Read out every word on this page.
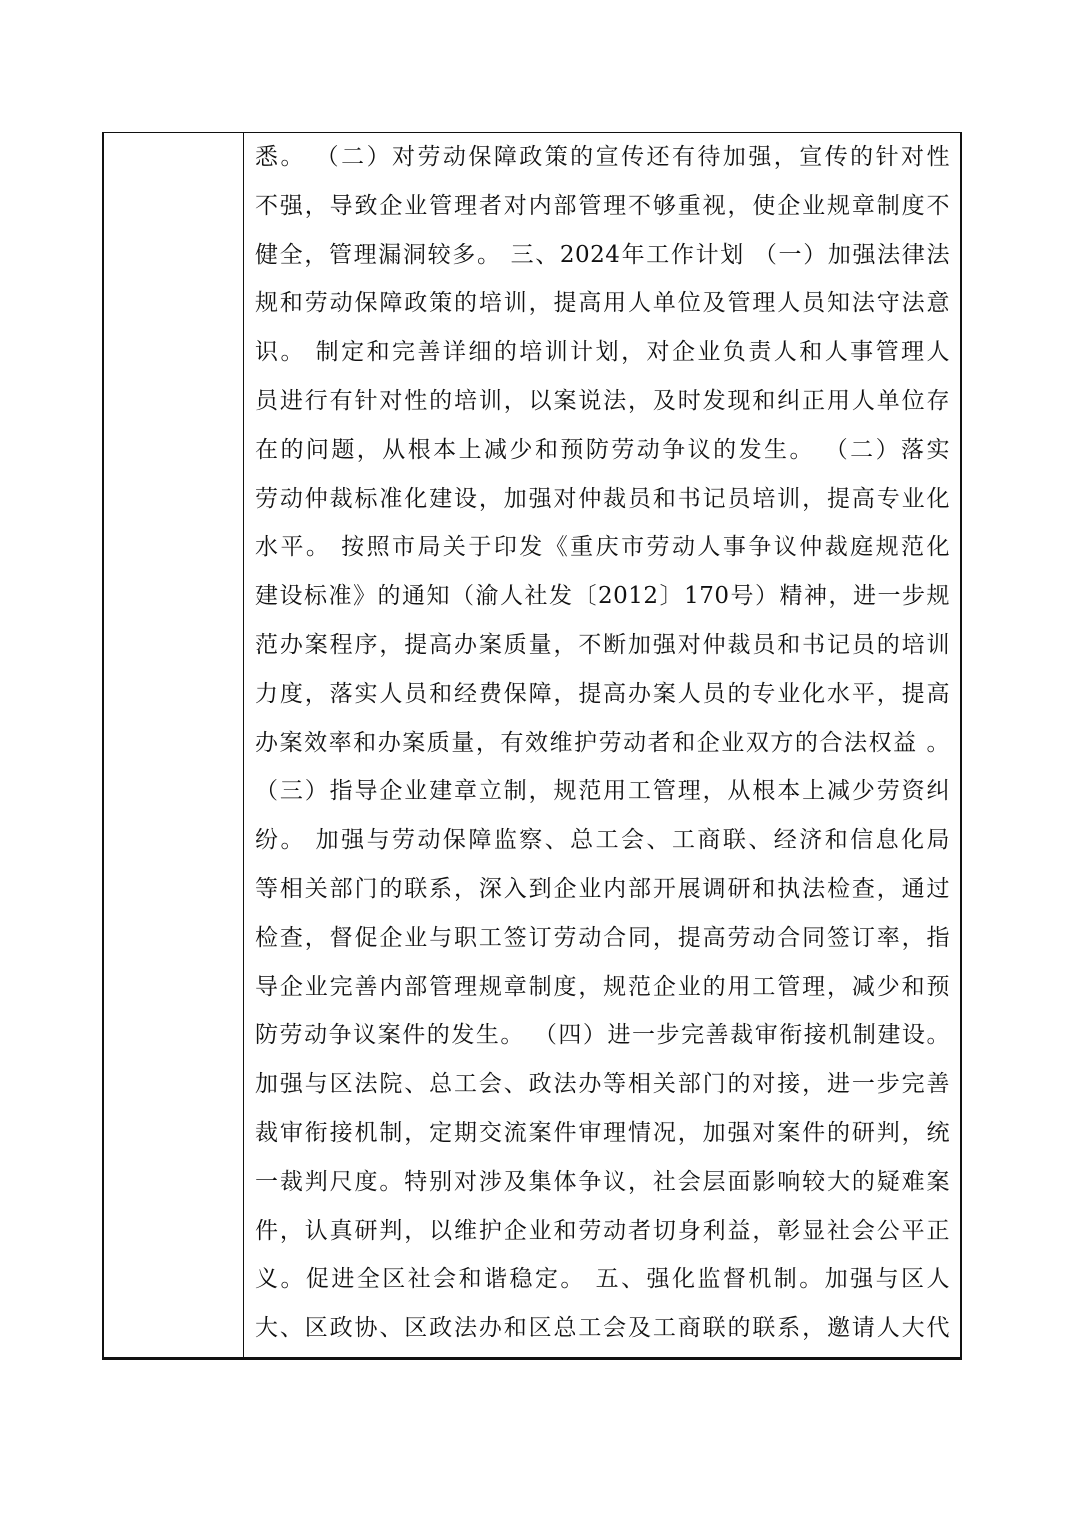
悉。 （二）对劳动保障政策的宣传还有待加强，宣传的针对性
不强，导致企业管理者对内部管理不够重视，使企业规章制度不
健全，管理漏洞较多。 三、2024年工作计划 （一）加强法律法
规和劳动保障政策的培训，提高用人单位及管理人员知法守法意
识。 制定和完善详细的培训计划，对企业负责人和人事管理人
员进行有针对性的培训，以案说法，及时发现和纠正用人单位存
在的问题，从根本上减少和预防劳动争议的发生。 （二）落实
劳动仲裁标准化建设，加强对仲裁员和书记员培训，提高专业化
水平。 按照市局关于印发《重庆市劳动人事争议仲裁庭规范化
建设标准》的通知（渝人社发〔2012〕170号）精神，进一步规
范办案程序，提高办案质量，不断加强对仲裁员和书记员的培训
力度，落实人员和经费保障，提高办案人员的专业化水平，提高
办案效率和办案质量，有效维护劳动者和企业双方的合法权益 。
（三）指导企业建章立制，规范用工管理，从根本上减少劳资纠
纷。 加强与劳动保障监察、总工会、工商联、经济和信息化局
等相关部门的联系，深入到企业内部开展调研和执法检查，通过
检查，督促企业与职工签订劳动合同，提高劳动合同签订率，指
导企业完善内部管理规章制度，规范企业的用工管理，减少和预
防劳动争议案件的发生。 （四）进一步完善裁审衔接机制建设。
加强与区法院、总工会、政法办等相关部门的对接，进一步完善
裁审衔接机制，定期交流案件审理情况，加强对案件的研判，统
一裁判尺度。特别对涉及集体争议，社会层面影响较大的疑难案
件，认真研判，以维护企业和劳动者切身利益，彰显社会公平正
义。促进全区社会和谐稳定。 五、强化监督机制。加强与区人
大、区政协、区政法办和区总工会及工商联的联系，邀请人大代
